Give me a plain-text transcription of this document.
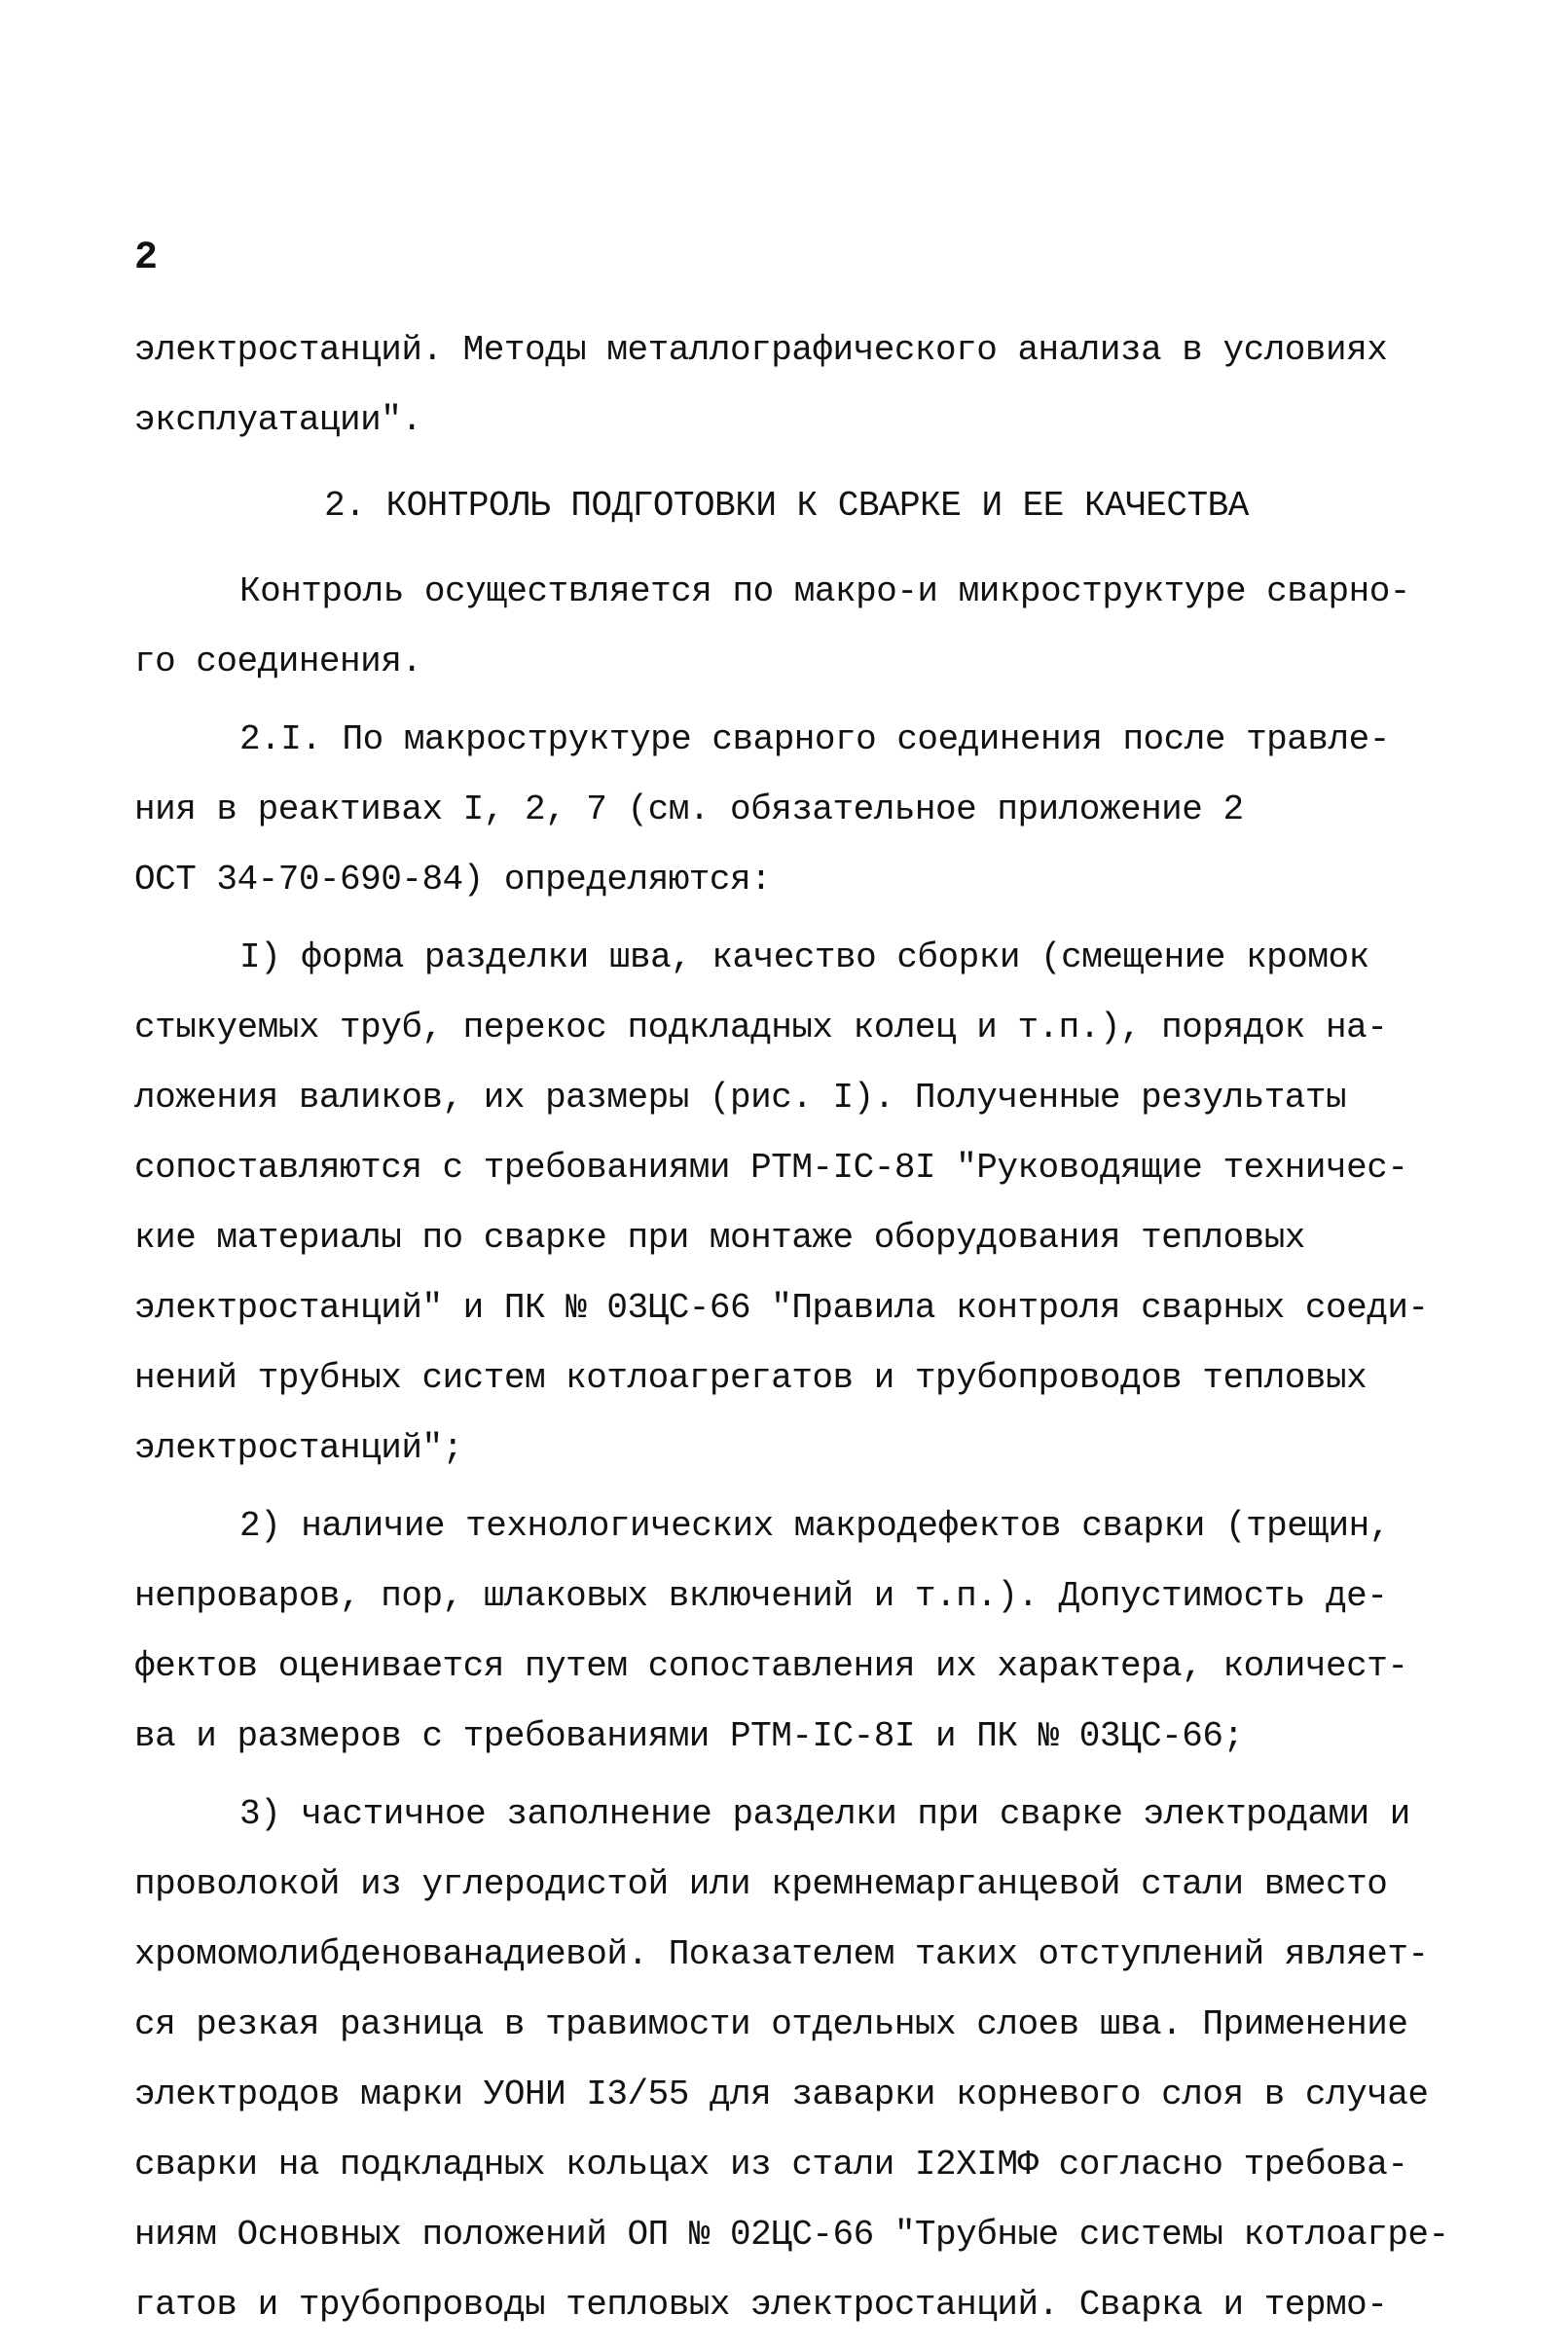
2

электростанций. Методы металлографического анализа в условиях
эксплуатации".

2. КОНТРОЛЬ ПОДГОТОВКИ К СВАРКЕ И ЕЕ КАЧЕСТВА

Контроль осуществляется по макро-и микроструктуре сварно-
го соединения.

2.I. По макроструктуре сварного соединения после травле-
ния в реактивах I, 2, 7 (см. обязательное приложение 2
ОСТ 34-70-690-84) определяются:

I) форма разделки шва, качество сборки (смещение кромок
стыкуемых труб, перекос подкладных колец и т.п.), порядок на-
ложения валиков, их размеры (рис. I). Полученные результаты
сопоставляются с требованиями РТМ-IС-8I "Руководящие техничес-
кие материалы по сварке при монтаже оборудования тепловых
электростанций" и ПК № 03ЦС-66 "Правила контроля сварных соеди-
нений трубных систем котлоагрегатов и трубопроводов тепловых
электростанций";

2) наличие технологических макродефектов сварки (трещин,
непроваров, пор, шлаковых включений и т.п.). Допустимость де-
фектов оценивается путем сопоставления их характера, количест-
ва и размеров с требованиями РТМ-IС-8I и ПК № 03ЦС-66;

3) частичное заполнение разделки при сварке электродами и
проволокой из углеродистой или кремнемарганцевой стали вместо
хромомолибденованадиевой. Показателем таких отступлений являет-
ся резкая разница в травимости отдельных слоев шва. Применение
электродов марки УОНИ I3/55 для заварки корневого слоя в случае
сварки на подкладных кольцах из стали I2ХIМФ согласно требова-
ниям Основных положений ОП № 02ЦС-66 "Трубные системы котлоагре-
гатов и трубопроводы тепловых электростанций. Сварка и термо-
